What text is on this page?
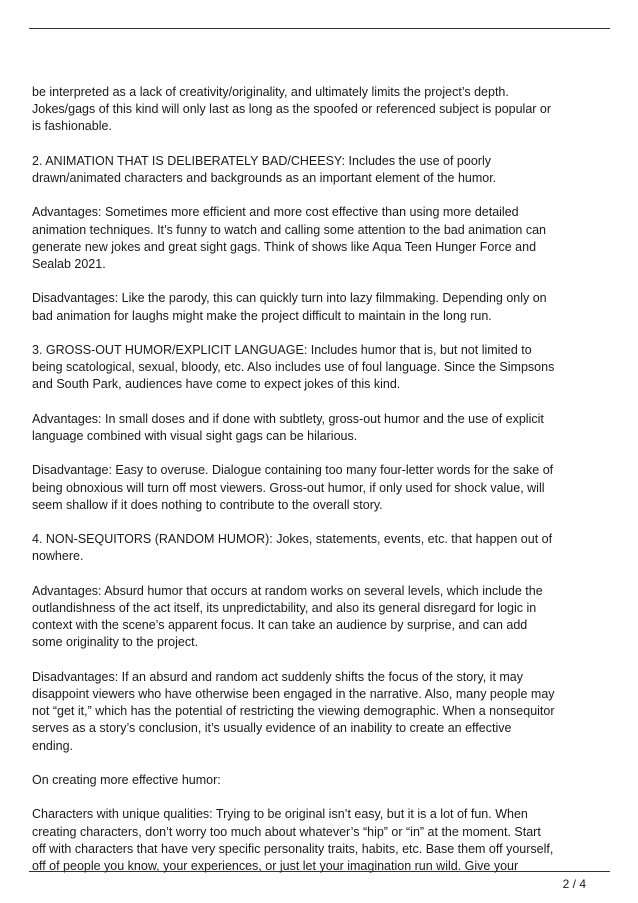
be interpreted as a lack of creativity/originality, and ultimately limits the project’s depth.
Jokes/gags of this kind will only last as long as the spoofed or referenced subject is popular or
is fashionable.

2. ANIMATION THAT IS DELIBERATELY BAD/CHEESY: Includes the use of poorly
drawn/animated characters and backgrounds as an important element of the humor.

Advantages: Sometimes more efficient and more cost effective than using more detailed
animation techniques. It’s funny to watch and calling some attention to the bad animation can
generate new jokes and great sight gags. Think of shows like Aqua Teen Hunger Force and
Sealab 2021.

Disadvantages: Like the parody, this can quickly turn into lazy filmmaking. Depending only on
bad animation for laughs might make the project difficult to maintain in the long run.

3. GROSS-OUT HUMOR/EXPLICIT LANGUAGE: Includes humor that is, but not limited to
being scatological, sexual, bloody, etc. Also includes use of foul language. Since the Simpsons
and South Park, audiences have come to expect jokes of this kind.

Advantages: In small doses and if done with subtlety, gross-out humor and the use of explicit
language combined with visual sight gags can be hilarious.

Disadvantage: Easy to overuse. Dialogue containing too many four-letter words for the sake of
being obnoxious will turn off most viewers. Gross-out humor, if only used for shock value, will
seem shallow if it does nothing to contribute to the overall story.

4. NON-SEQUITORS (RANDOM HUMOR): Jokes, statements, events, etc. that happen out of
nowhere.

Advantages: Absurd humor that occurs at random works on several levels, which include the
outlandishness of the act itself, its unpredictability, and also its general disregard for logic in
context with the scene’s apparent focus. It can take an audience by surprise, and can add
some originality to the project.

Disadvantages: If an absurd and random act suddenly shifts the focus of the story, it may
disappoint viewers who have otherwise been engaged in the narrative. Also, many people may
not “get it,” which has the potential of restricting the viewing demographic. When a nonsequitor
serves as a story’s conclusion, it’s usually evidence of an inability to create an effective
ending.

On creating more effective humor:

Characters with unique qualities: Trying to be original isn’t easy, but it is a lot of fun. When
creating characters, don’t worry too much about whatever’s “hip” or “in” at the moment. Start
off with characters that have very specific personality traits, habits, etc. Base them off yourself,
off of people you know, your experiences, or just let your imagination run wild. Give your

2 / 4
